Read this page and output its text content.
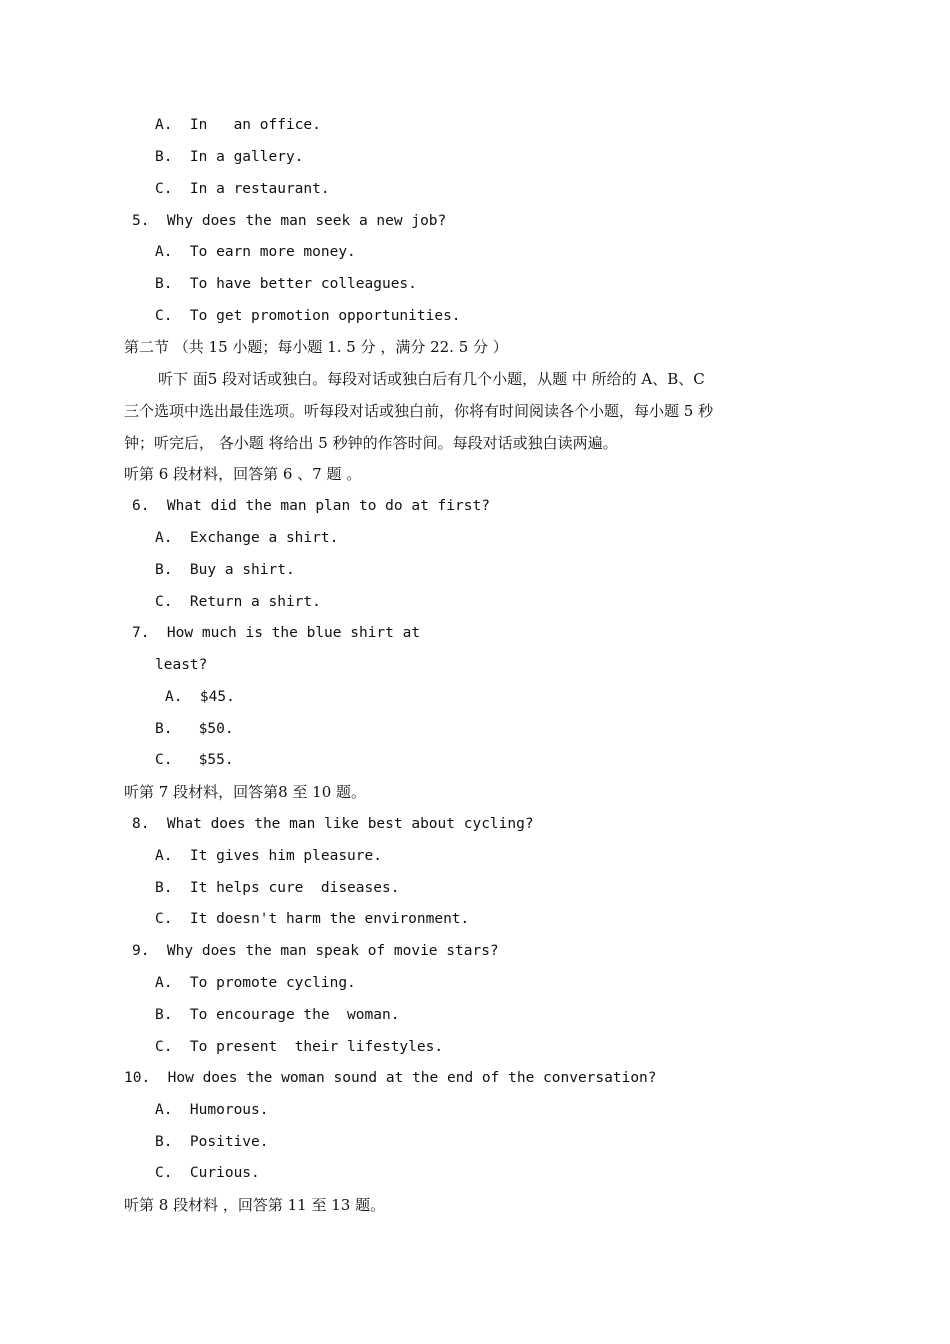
A.  In   an office.
B.  In a gallery.
C.  In a restaurant.
5.  Why does the man seek a new job?
A.  To earn more money.
B.  To have better colleagues.
C.  To get promotion opportunities.
第二节 （共 15 小题；每小题 1. 5 分 ，满分 22. 5 分 ）
听下 面5 段对话或独白。每段对话或独白后有几个小题，从题 中 所给的 A、B、C
三个选项中选出最佳选项。听每段对话或独白前，你将有时间阅读各个小题，每小题 5 秒
钟；听完后， 各小题 将给出 5 秒钟的作答时间。每段对话或独白读两遍。
听第 6 段材料，回答第 6 、7 题 。
6.  What did the man plan to do at first?
A.  Exchange a shirt.
B.  Buy a shirt.
C.  Return a shirt.
7.  How much is the blue shirt at
least?
A.  $45.
B.   $50.
C.   $55.
听第 7 段材料，回答第8 至 10 题。
8.  What does the man like best about cycling?
A.  It gives him pleasure.
B.  It helps cure  diseases.
C.  It doesn't harm the environment.
9.  Why does the man speak of movie stars?
A.  To promote cycling.
B.  To encourage the  woman.
C.  To present  their lifestyles.
10.  How does the woman sound at the end of the conversation?
A.  Humorous.
B.  Positive.
C.  Curious.
听第 8 段材料 ，回答第 11 至 13 题。
